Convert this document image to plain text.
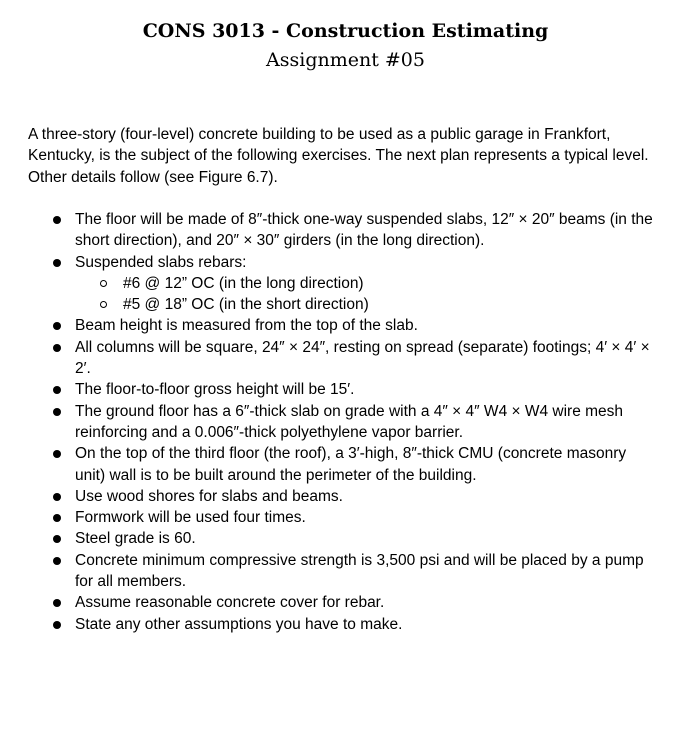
CONS 3013 - Construction Estimating
Assignment #05

A three-story (four-level) concrete building to be used as a public garage in Frankfort, Kentucky, is the subject of the following exercises. The next plan represents a typical level. Other details follow (see Figure 6.7).

The floor will be made of 8″-thick one-way suspended slabs, 12″ × 20″ beams (in the short direction), and 20″ × 30″ girders (in the long direction).
Suspended slabs rebars:
#6 @ 12” OC (in the long direction)
#5 @ 18” OC (in the short direction)
Beam height is measured from the top of the slab.
All columns will be square, 24″ × 24″, resting on spread (separate) footings; 4′ × 4′ × 2′.
The floor-to-floor gross height will be 15′.
The ground floor has a 6″-thick slab on grade with a 4″ × 4″ W4 × W4 wire mesh reinforcing and a 0.006″-thick polyethylene vapor barrier.
On the top of the third floor (the roof), a 3′-high, 8″-thick CMU (concrete masonry unit) wall is to be built around the perimeter of the building.
Use wood shores for slabs and beams.
Formwork will be used four times.
Steel grade is 60.
Concrete minimum compressive strength is 3,500 psi and will be placed by a pump for all members.
Assume reasonable concrete cover for rebar.
State any other assumptions you have to make.
